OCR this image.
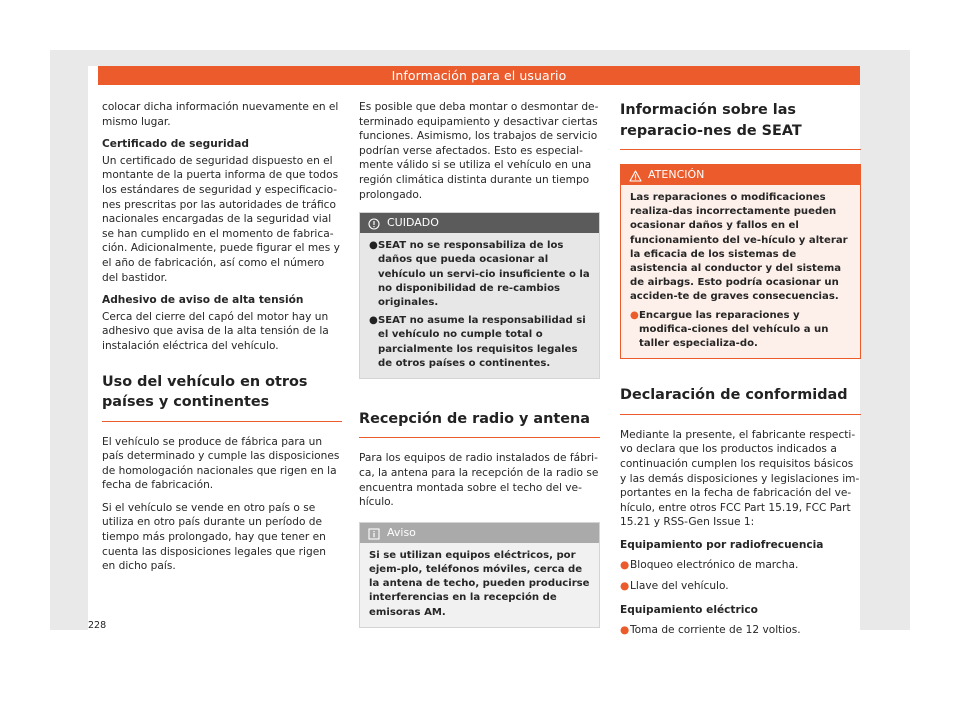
Información para el usuario

colocar dicha información nuevamente en el mismo lugar.

Certificado de seguridad

Un certificado de seguridad dispuesto en el montante de la puerta informa de que todos los estándares de seguridad y especificacio-nes prescritas por las autoridades de tráfico nacionales encargadas de la seguridad vial se han cumplido en el momento de fabrica-ción. Adicionalmente, puede figurar el mes y el año de fabricación, así como el número del bastidor.

Adhesivo de aviso de alta tensión

Cerca del cierre del capó del motor hay un adhesivo que avisa de la alta tensión de la instalación eléctrica del vehículo.

Uso del vehículo en otros países y continentes

El vehículo se produce de fábrica para un país determinado y cumple las disposiciones de homologación nacionales que rigen en la fecha de fabricación.

Si el vehículo se vende en otro país o se utiliza en otro país durante un período de tiempo más prolongado, hay que tener en cuenta las disposiciones legales que rigen en dicho país.

Es posible que deba montar o desmontar de-terminado equipamiento y desactivar ciertas funciones. Asimismo, los trabajos de servicio podrían verse afectados. Esto es especial-mente válido si se utiliza el vehículo en una región climática distinta durante un tiempo prolongado.

CUIDADO
● SEAT no se responsabiliza de los daños que pueda ocasionar al vehículo un servi-cio insuficiente o la no disponibilidad de re-cambios originales.
● SEAT no asume la responsabilidad si el vehículo no cumple total o parcialmente los requisitos legales de otros países o continentes.
Recepción de radio y antena

Para los equipos de radio instalados de fábri-ca, la antena para la recepción de la radio se encuentra montada sobre el techo del ve-hículo.

Aviso
Si se utilizan equipos eléctricos, por ejem-plo, teléfonos móviles, cerca de la antena de techo, pueden producirse interferencias en la recepción de emisoras AM.
Información sobre las reparacio-nes de SEAT
ATENCIÓN
Las reparaciones o modificaciones realiza-das incorrectamente pueden ocasionar daños y fallos en el funcionamiento del ve-hículo y alterar la eficacia de los sistemas de asistencia al conductor y del sistema de airbags. Esto podría ocasionar un acciden-te de graves consecuencias.
● Encargue las reparaciones y modifica-ciones del vehículo a un taller especializa-do.
Declaración de conformidad

Mediante la presente, el fabricante respecti-vo declara que los productos indicados a continuación cumplen los requisitos básicos y las demás disposiciones y legislaciones im-portantes en la fecha de fabricación del ve-hículo, entre otros FCC Part 15.19, FCC Part 15.21 y RSS-Gen Issue 1:

Equipamiento por radiofrecuencia

● Bloqueo electrónico de marcha.
● Llave del vehículo.

Equipamiento eléctrico

● Toma de corriente de 12 voltios.
228
